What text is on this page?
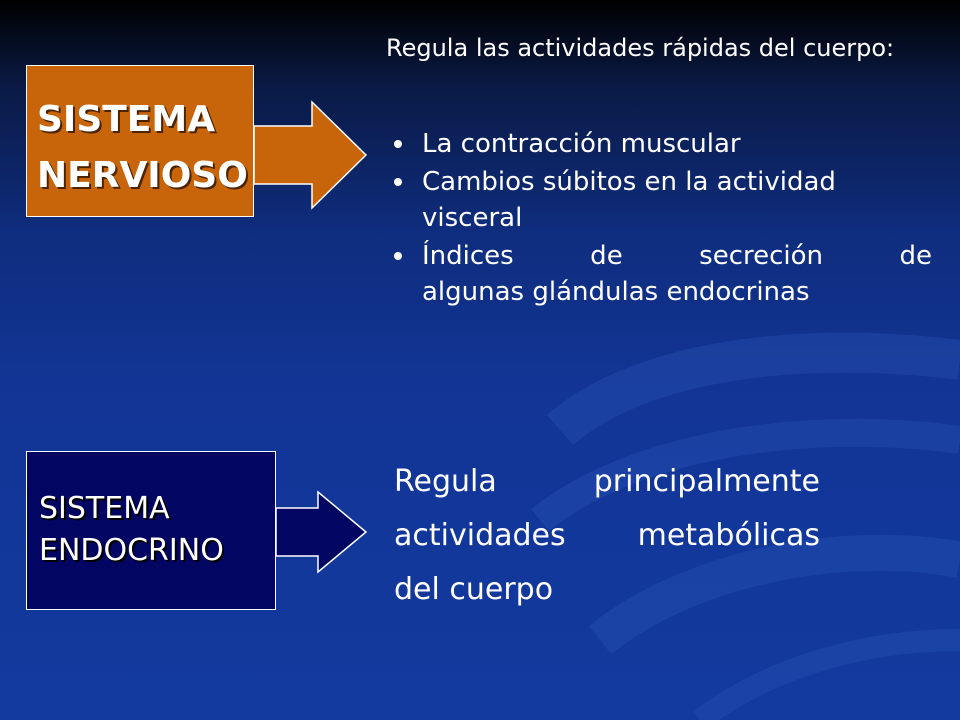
SISTEMA
NERVIOSO
Regula las actividades rápidas del cuerpo:
La contracción muscular
Cambios súbitos en la actividad visceral
Índices de secreción de
algunas glándulas endocrinas
SISTEMA
ENDOCRINO
Regula principalmente
actividades metabólicas
del cuerpo
